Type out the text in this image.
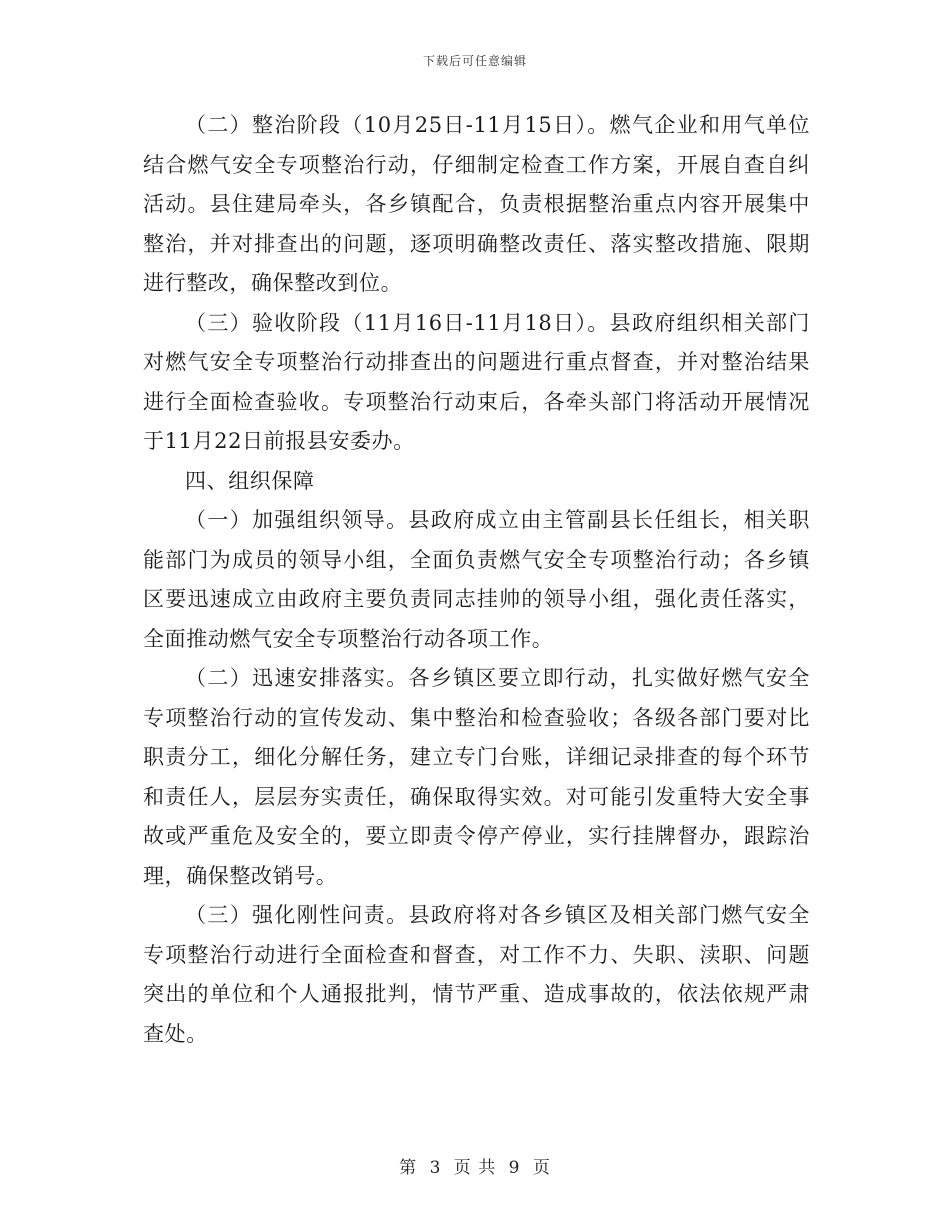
下载后可任意编辑

（二）整治阶段（10月25日-11月15日）。燃气企业和用气单位结合燃气安全专项整治行动，仔细制定检查工作方案，开展自查自纠活动。县住建局牵头，各乡镇配合，负责根据整治重点内容开展集中整治，并对排查出的问题，逐项明确整改责任、落实整改措施、限期进行整改，确保整改到位。

（三）验收阶段（11月16日-11月18日）。县政府组织相关部门对燃气安全专项整治行动排查出的问题进行重点督查，并对整治结果进行全面检查验收。专项整治行动束后，各牵头部门将活动开展情况于11月22日前报县安委办。

四、组织保障

（一）加强组织领导。县政府成立由主管副县长任组长，相关职能部门为成员的领导小组，全面负责燃气安全专项整治行动；各乡镇区要迅速成立由政府主要负责同志挂帅的领导小组，强化责任落实，全面推动燃气安全专项整治行动各项工作。

（二）迅速安排落实。各乡镇区要立即行动，扎实做好燃气安全专项整治行动的宣传发动、集中整治和检查验收；各级各部门要对比职责分工，细化分解任务，建立专门台账，详细记录排查的每个环节和责任人，层层夯实责任，确保取得实效。对可能引发重特大安全事故或严重危及安全的，要立即责令停产停业，实行挂牌督办，跟踪治理，确保整改销号。

（三）强化刚性问责。县政府将对各乡镇区及相关部门燃气安全专项整治行动进行全面检查和督查，对工作不力、失职、渎职、问题突出的单位和个人通报批判，情节严重、造成事故的，依法依规严肃查处。

第 3 页 共 9 页
